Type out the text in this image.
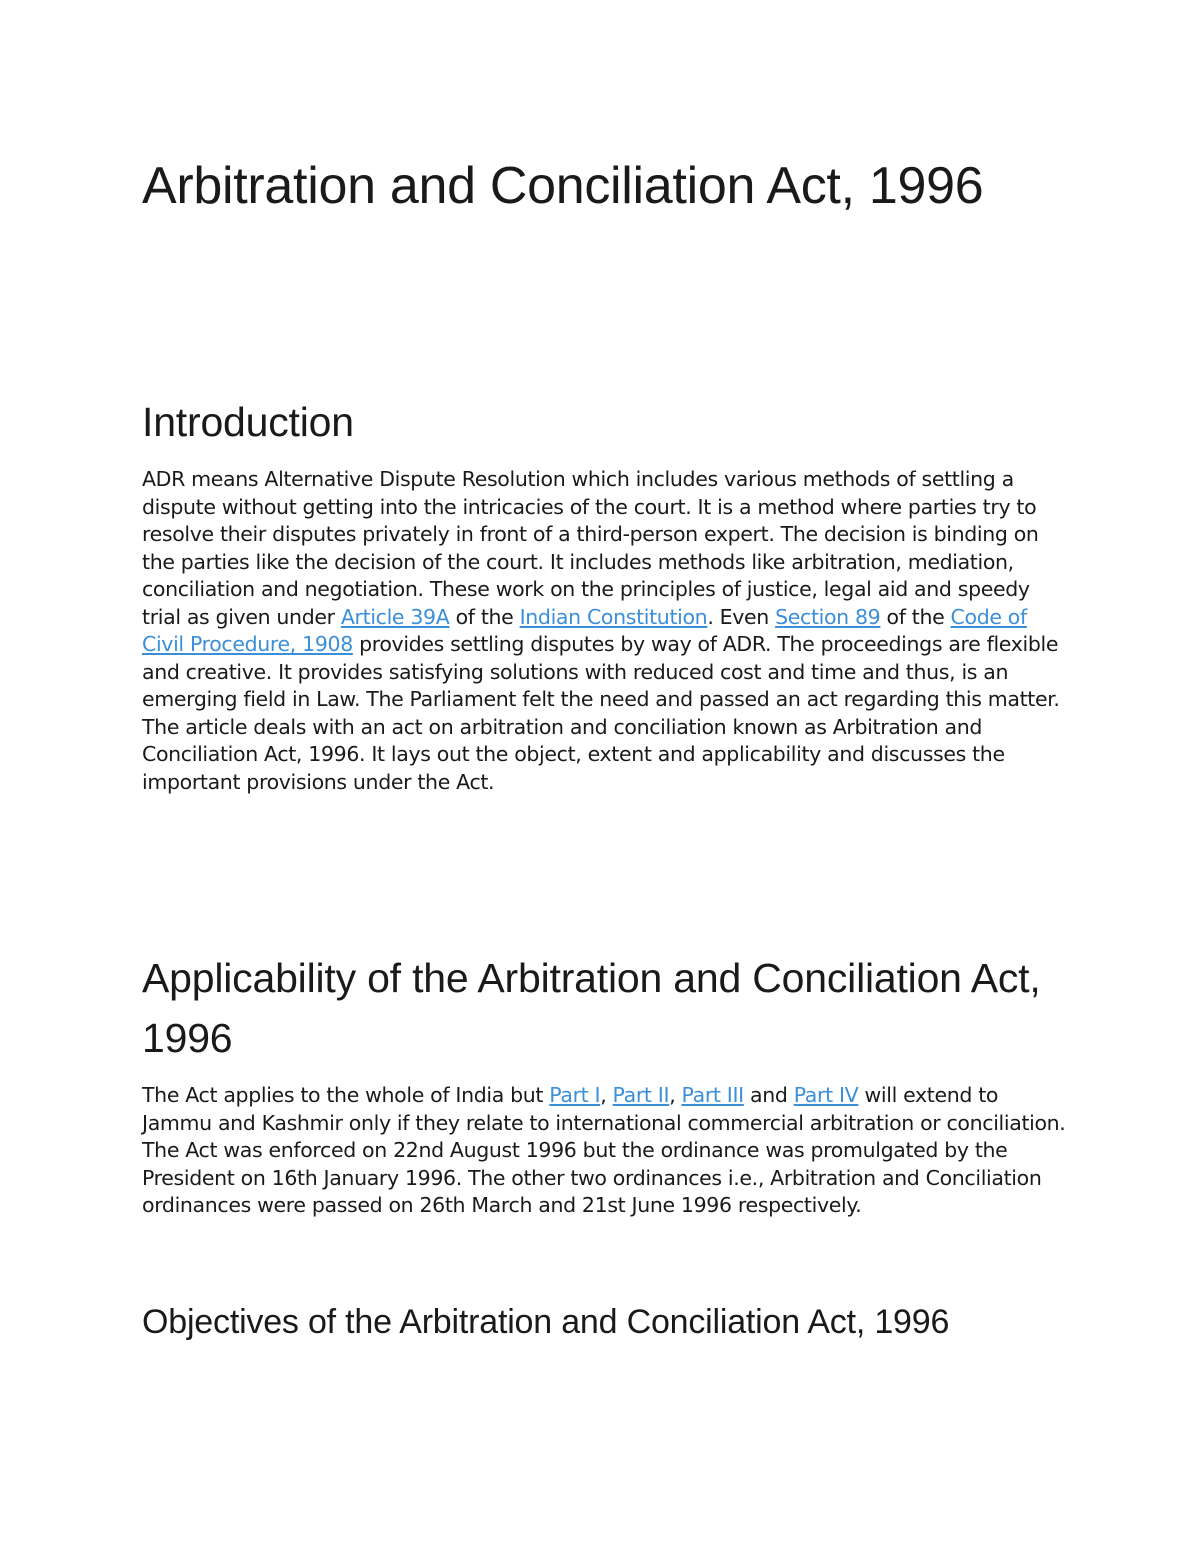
Arbitration and Conciliation Act, 1996
Introduction

ADR means Alternative Dispute Resolution which includes various methods of settling a dispute without getting into the intricacies of the court. It is a method where parties try to resolve their disputes privately in front of a third-person expert. The decision is binding on the parties like the decision of the court. It includes methods like arbitration, mediation, conciliation and negotiation. These work on the principles of justice, legal aid and speedy trial as given under Article 39A of the Indian Constitution. Even Section 89 of the Code of Civil Procedure, 1908 provides settling disputes by way of ADR. The proceedings are flexible and creative. It provides satisfying solutions with reduced cost and time and thus, is an emerging field in Law. The Parliament felt the need and passed an act regarding this matter. The article deals with an act on arbitration and conciliation known as Arbitration and Conciliation Act, 1996. It lays out the object, extent and applicability and discusses the important provisions under the Act.

Applicability of the Arbitration and Conciliation Act, 1996

The Act applies to the whole of India but Part I, Part II, Part III and Part IV will extend to Jammu and Kashmir only if they relate to international commercial arbitration or conciliation. The Act was enforced on 22nd August 1996 but the ordinance was promulgated by the President on 16th January 1996. The other two ordinances i.e., Arbitration and Conciliation ordinances were passed on 26th March and 21st June 1996 respectively.

Objectives of the Arbitration and Conciliation Act, 1996
